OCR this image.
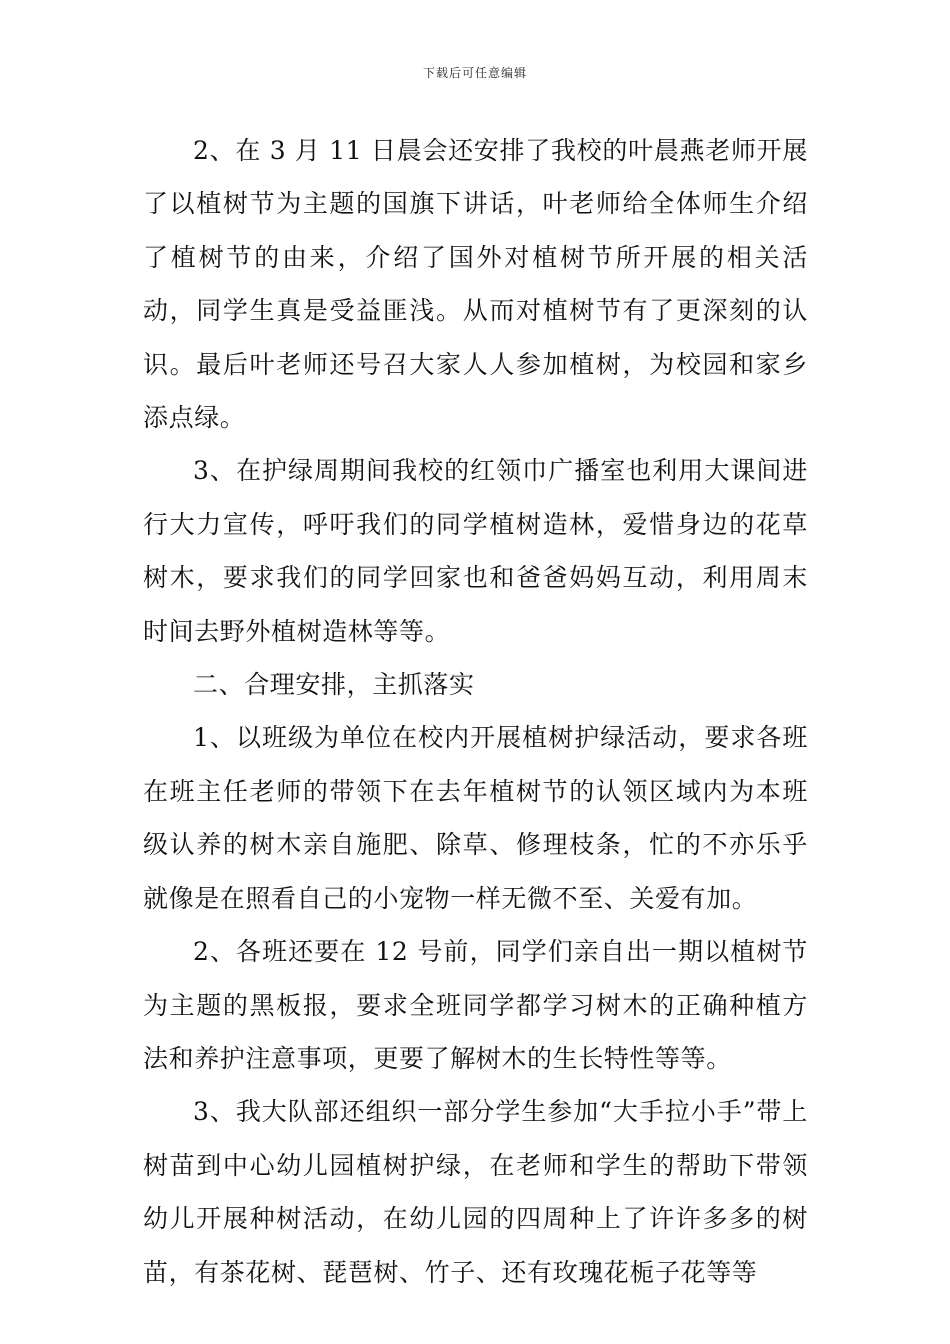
下载后可任意编辑

2、在 3 月 11 日晨会还安排了我校的叶晨燕老师开展了以植树节为主题的国旗下讲话，叶老师给全体师生介绍了植树节的由来，介绍了国外对植树节所开展的相关活动，同学生真是受益匪浅。从而对植树节有了更深刻的认识。最后叶老师还号召大家人人参加植树，为校园和家乡添点绿。

3、在护绿周期间我校的红领巾广播室也利用大课间进行大力宣传，呼吁我们的同学植树造林，爱惜身边的花草树木，要求我们的同学回家也和爸爸妈妈互动，利用周末时间去野外植树造林等等。

二、合理安排，主抓落实

1、以班级为单位在校内开展植树护绿活动，要求各班在班主任老师的带领下在去年植树节的认领区域内为本班级认养的树木亲自施肥、除草、修理枝条，忙的不亦乐乎就像是在照看自己的小宠物一样无微不至、关爱有加。

2、各班还要在 12 号前，同学们亲自出一期以植树节为主题的黑板报，要求全班同学都学习树木的正确种植方法和养护注意事项，更要了解树木的生长特性等等。

3、我大队部还组织一部分学生参加“大手拉小手”带上树苗到中心幼儿园植树护绿，在老师和学生的帮助下带领幼儿开展种树活动，在幼儿园的四周种上了许许多多的树苗，有茶花树、琵琶树、竹子、还有玫瑰花栀子花等等
